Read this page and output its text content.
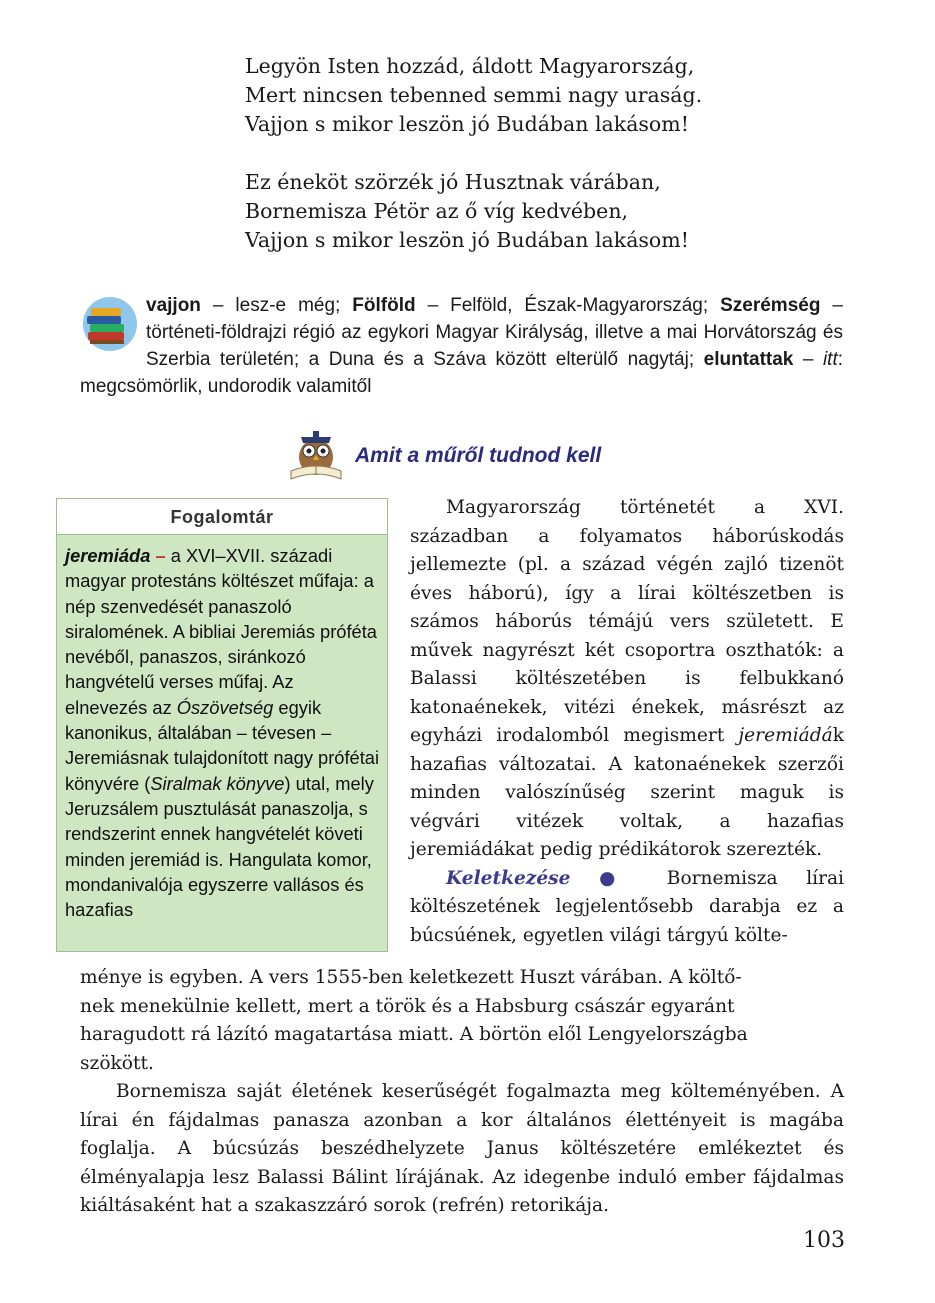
Legyön Isten hozzád, áldott Magyarország,
Mert nincsen tebenned semmi nagy uraság.
Vajjon s mikor leszön jó Budában lakásom!
Ez éneköt szörzék jó Husztnak várában,
Bornemisza Pétör az ő víg kedvében,
Vajjon s mikor leszön jó Budában lakásom!
vajjon – lesz-e még; Fölföld – Felföld, Észak-Magyarország; Szerémség – történeti-földrajzi régió az egykori Magyar Királyság, illetve a mai Horvátország és Szerbia területén; a Duna és a Száva között elterülő nagytáj; eluntattak – itt: megcsömörlik, undorodik valamitől
Amit a műről tudnod kell
Fogalomtár
jeremiáda – a XVI–XVII. századi magyar protestáns költészet műfaja: a nép szenvedését panaszoló siralomének. A bibliai Jeremiás próféta nevéből, panaszos, siránkozó hangvételű verses műfaj. Az elnevezés az Ószövetség egyik kanonikus, általában – tévesen – Jeremiásnak tulajdonított nagy prófétai könyvére (Siralmak könyve) utal, mely Jeruzsálem pusztulását panaszolja, s rendszerint ennek hangvételét követi minden jeremiád is. Hangulata komor, mondanivalója egyszerre vallásos és hazafias

Magyarország történetét a XVI. században a folyamatos háborúskodás jellemezte (pl. a század végén zajló tizenöt éves háború), így a lírai költészetben is számos háborús témájú vers született. E művek nagyrészt két csoportra oszthatók: a Balassi költészetében is felbukkanó katonaénekek, vitézi énekek, másrészt az egyházi irodalomból megismert jeremiádák hazafias változatai. A katonaénekek szerzői minden valószínűség szerint maguk is végvári vitézek voltak, a hazafias jeremiádákat pedig prédikátorok szerezték.

Keletkezése ● Bornemisza lírai költészetének legjelentősebb darabja ez a búcsúének, egyetlen világi tárgyú költe-

ménye is egyben. A vers 1555-ben keletkezett Huszt várában. A költő-
nek menekülnie kellett, mert a török és a Habsburg császár egyaránt
haragudott rá lázító magatartása miatt. A börtön elől Lengyelországba
szökött.

Bornemisza saját életének keserűségét fogalmazta meg költeményében. A lírai én fájdalmas panasza azonban a kor általános élettényeit is magába foglalja. A búcsúzás beszédhelyzete Janus költészetére emlékeztet és élményalapja lesz Balassi Bálint lírájának. Az idegenbe induló ember fájdalmas kiáltásaként hat a szakaszzáró sorok (refrén) retorikája.

103
